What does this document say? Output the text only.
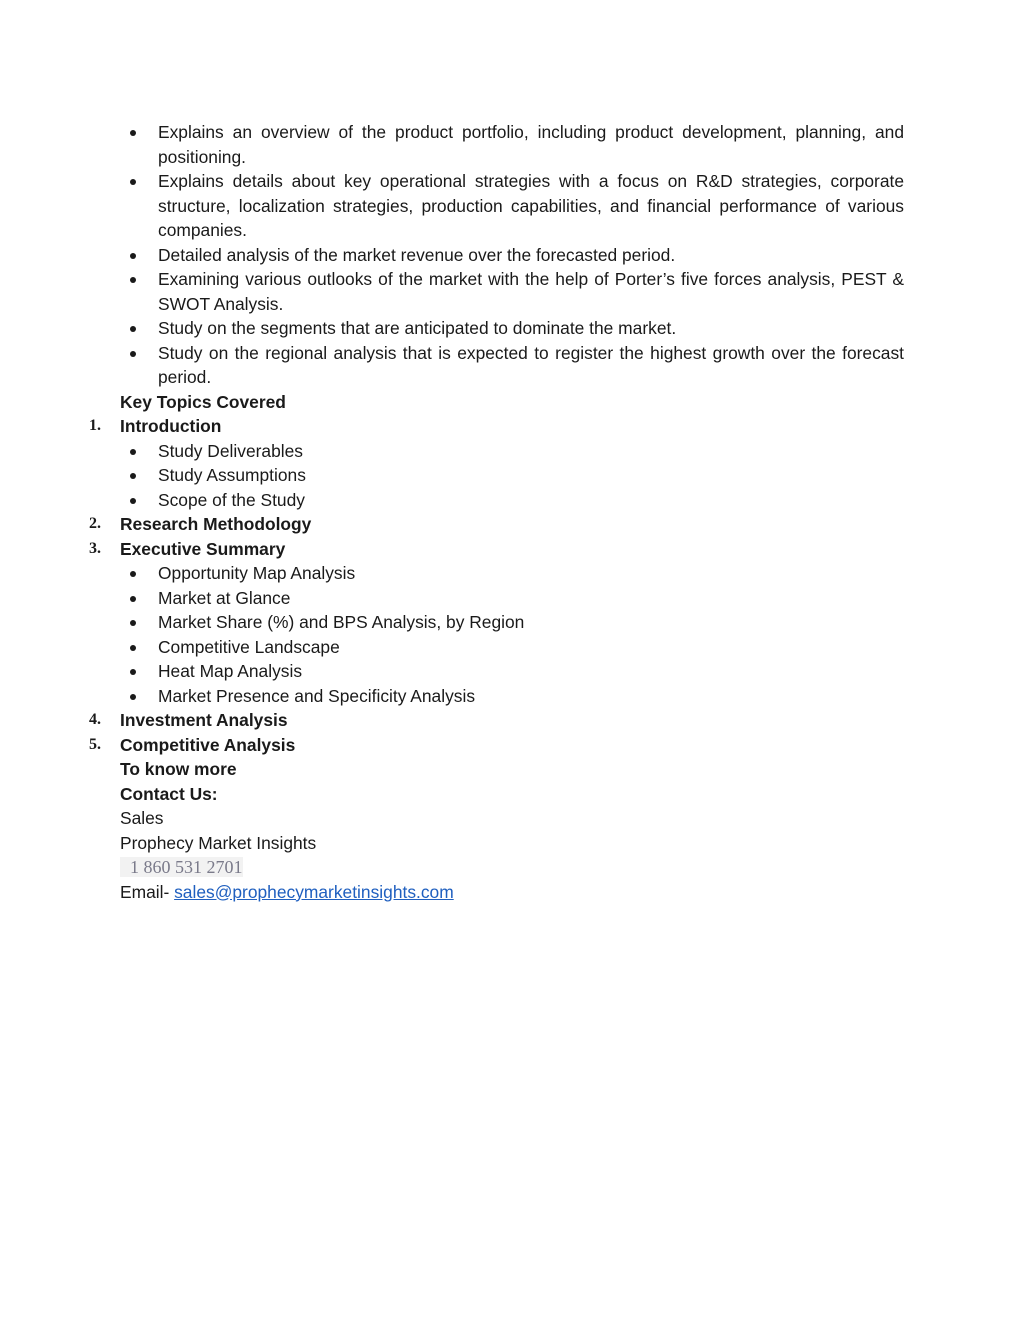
Explains an overview of the product portfolio, including product development, planning, and positioning.
Explains details about key operational strategies with a focus on R&D strategies, corporate structure, localization strategies, production capabilities, and financial performance of various companies.
Detailed analysis of the market revenue over the forecasted period.
Examining various outlooks of the market with the help of Porter’s five forces analysis, PEST & SWOT Analysis.
Study on the segments that are anticipated to dominate the market.
Study on the regional analysis that is expected to register the highest growth over the forecast period.
Key Topics Covered
1. Introduction
Study Deliverables
Study Assumptions
Scope of the Study
2. Research Methodology
3. Executive Summary
Opportunity Map Analysis
Market at Glance
Market Share (%) and BPS Analysis, by Region
Competitive Landscape
Heat Map Analysis
Market Presence and Specificity Analysis
4. Investment Analysis
5. Competitive Analysis
To know more
Contact Us:
Sales
Prophecy Market Insights
1 860 531 2701
Email- sales@prophecymarketinsights.com
